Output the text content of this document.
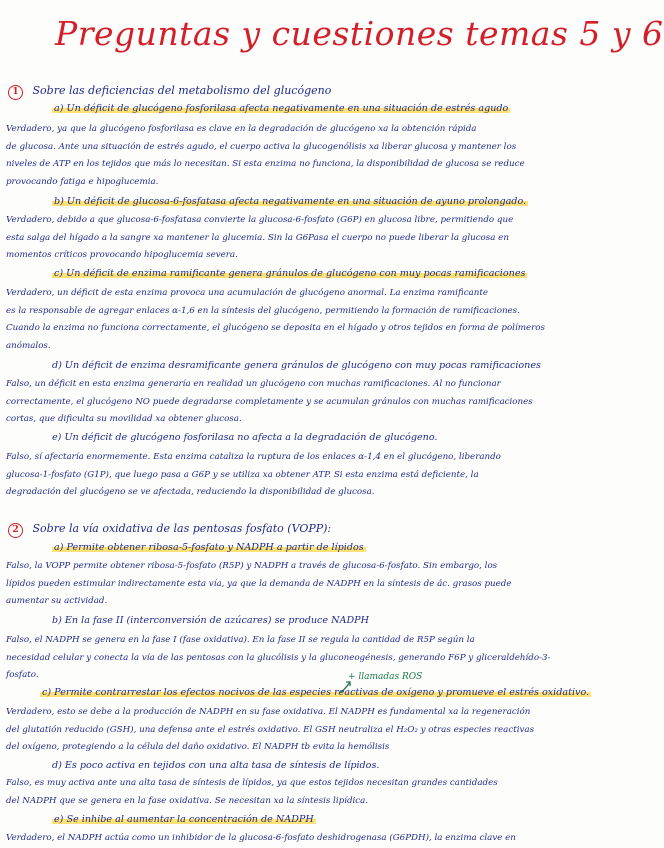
Preguntas y cuestiones temas 5 y 6
1 Sobre las deficiencias del metabolismo del glucógeno
a) Un déficit de glucógeno fosforilasa afecta negativamente en una situación de estrés agudo
Verdadero, ya que la glucógeno fosforilasa es clave en la degradación de glucógeno xa la obtención rápida
de glucosa. Ante una situación de estrés agudo, el cuerpo activa la glucogenólisis xa liberar glucosa y mantener los
niveles de ATP en los tejidos que más lo necesitan. Si esta enzima no funciona, la disponibilidad de glucosa se reduce
provocando fatiga e hipoglucemia.
b) Un déficit de glucosa-6-fosfatasa afecta negativamente en una situación de ayuno prolongado.
Verdadero, debido a que glucosa-6-fosfatasa convierte la glucosa-6-fosfato (G6P) en glucosa libre, permitiendo que
esta salga del hígado a la sangre xa mantener la glucemia. Sin la G6Pasa el cuerpo no puede liberar la glucosa en
momentos críticos provocando hipoglucemia severa.
c) Un déficit de enzima ramificante genera gránulos de glucógeno con muy pocas ramificaciones
Verdadero, un déficit de esta enzima provoca una acumulación de glucógeno anormal. La enzima ramificante
es la responsable de agregar enlaces α-1,6 en la síntesis del glucógeno, permitiendo la formación de ramificaciones.
Cuando la enzima no funciona correctamente, el glucógeno se deposita en el hígado y otros tejidos en forma de polímeros
anómalos.
d) Un déficit de enzima desramificante genera gránulos de glucógeno con muy pocas ramificaciones
Falso, un déficit en esta enzima generaría en realidad un glucógeno con muchas ramificaciones. Al no funcionar
correctamente, el glucógeno NO puede degradarse completamente y se acumulan gránulos con muchas ramificaciones
cortas, que dificulta su movilidad xa obtener glucosa.
e) Un déficit de glucógeno fosforilasa no afecta a la degradación de glucógeno.
Falso, sí afectaría enormemente. Esta enzima cataliza la ruptura de los enlaces α-1,4 en el glucógeno, liberando
glucosa-1-fosfato (G1P), que luego pasa a G6P y se utiliza xa obtener ATP. Si esta enzima está deficiente, la
degradación del glucógeno se ve afectada, reduciendo la disponibilidad de glucosa.
2 Sobre la vía oxidativa de las pentosas fosfato (VOPP):
a) Permite obtener ribosa-5-fosfato y NADPH a partir de lípidos
Falso, la VOPP permite obtener ribosa-5-fosfato (R5P) y NADPH a través de glucosa-6-fosfato. Sin embargo, los
lípidos pueden estimular indirectamente esta vía, ya que la demanda de NADPH en la síntesis de ác. grasos puede
aumentar su actividad.
b) En la fase II (interconversión de azúcares) se produce NADPH
Falso, el NADPH se genera en la fase I (fase oxidativa). En la fase II se regula la cantidad de R5P según la
necesidad celular y conecta la vía de las pentosas con la glucólisis y la gluconeogénesis, generando F6P y gliceraldehído-3-
fosfato.	+ llamadas ROS
c) Permite contrarrestar los efectos nocivos de las especies reactivas de oxígeno y promueve el estrés oxidativo.
Verdadero, esto se debe a la producción de NADPH en su fase oxidativa. El NADPH es fundamental xa la regeneración
del glutatión reducido (GSH), una defensa ante el estrés oxidativo. El GSH neutraliza el H₂O₂ y otras especies reactivas
del oxígeno, protegiendo a la célula del daño oxidativo. El NADPH tb evita la hemólisis
d) Es poco activa en tejidos con una alta tasa de síntesis de lípidos.
Falso, es muy activa ante una alta tasa de síntesis de lípidos, ya que estos tejidos necesitan grandes cantidades
del NADPH que se genera en la fase oxidativa. Se necesitan xa la síntesis lipídica.
e) Se inhibe al aumentar la concentración de NADPH
Verdadero, el NADPH actúa como un inhibidor de la glucosa-6-fosfato deshidrogenasa (G6PDH), la enzima clave en
